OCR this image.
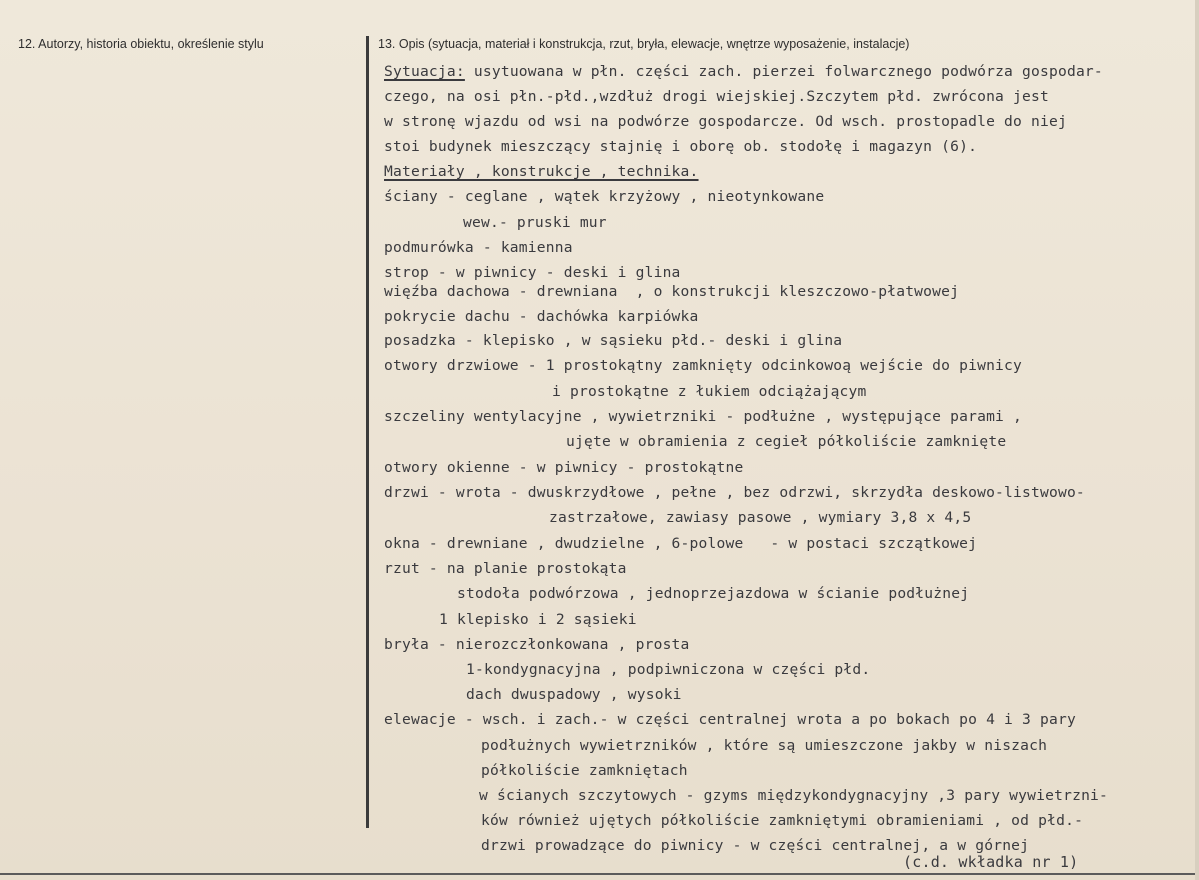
12. Autorzy, historia obiektu, określenie stylu	13. Opis (sytuacja, materiał i konstrukcja, rzut, bryła, elewacje, wnętrze wyposażenie, instalacje)
Sytuacja: usytuowana w płn. części zach. pierzei folwarcznego podwórza gospodar-
czego, na osi płn.-płd.,wzdłuż drogi wiejskiej.Szczytem płd. zwrócona jest
w stronę wjazdu od wsi na podwórze gospodarcze. Od wsch. prostopadle do niej
stoi budynek mieszczący stajnię i oborę ob. stodołę i magazyn (6).
Materiały , konstrukcje , technika.
ściany - ceglane , wątek krzyżowy , nieotynkowane
wew.- pruski mur
podmurówka - kamienna
strop - w piwnicy - deski i glina
więźba dachowa - drewniana  , o konstrukcji kleszczowo-płatwowej
pokrycie dachu - dachówka karpiówka
posadzka - klepisko , w sąsieku płd.- deski i glina
otwory drzwiowe - 1 prostokątny zamknięty odcinkowoą wejście do piwnicy
i prostokątne z łukiem odciążającym
szczeliny wentylacyjne , wywietrzniki - podłużne , występujące parami ,
ujęte w obramienia z cegieł półkoliście zamknięte
otwory okienne - w piwnicy - prostokątne
drzwi - wrota - dwuskrzydłowe , pełne , bez odrzwi, skrzydła deskowo-listwowo-
zastrzałowe, zawiasy pasowe , wymiary 3,8 x 4,5
okna - drewniane , dwudzielne , 6-polowe   - w postaci szczątkowej
rzut - na planie prostokąta
stodoła podwórzowa , jednoprzejazdowa w ścianie podłużnej
1 klepisko i 2 sąsieki
bryła - nierozczłonkowana , prosta
1-kondygnacyjna , podpiwniczona w części płd.
dach dwuspadowy , wysoki
elewacje - wsch. i zach.- w części centralnej wrota a po bokach po 4 i 3 pary
podłużnych wywietrzników , które są umieszczone jakby w niszach
półkoliście zamkniętach
w ścianych szczytowych - gzyms międzykondygnacyjny ,3 pary wywietrzni-
ków również ujętych półkoliście zamkniętymi obramieniami , od płd.-
drzwi prowadzące do piwnicy - w części centralnej, a w górnej
(c.d. wkładka nr 1)
